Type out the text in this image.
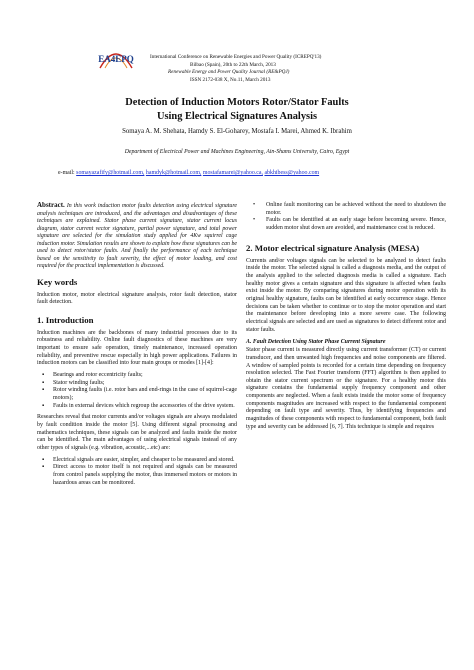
EA4EPQ	International Conference on Renewable Energies and Power Quality (ICREPQ'13)
Bilbao (Spain), 20th to 22th March, 2013
Renewable Energy and Power Quality Journal (RE&PQJ)
ISSN 2172-038 X, No.11, March 2013
Detection of Induction Motors Rotor/Stator Faults
Using Electrical Signatures Analysis
Somaya A. M. Shehata, Hamdy S. El-Goharey, Mostafa I. Marei, Ahmed K. Ibrahim
Department of Electrical Power and Machines Engineering, Ain-Shams University, Cairo, Egypt
e-mail: somayazafify@hotmail.com, hamdyk@hotmail.com, mostafamarei@yahoo.ca, abkhibess@yahoo.com

Abstract. In this work induction motor faults detection using electrical signature analysis techniques are introduced, and the advantages and disadvantages of these techniques are explained. Stator phase current signature, stator current locus diagram, stator current vector signature, partial power signature, and total power signature are selected for the simulation study applied for 4Kw squirrel cage induction motor. Simulation results are shown to explain how these signatures can be used to detect rotor/stator faults. And finally the performance of each technique based on the sensitivity to fault severity, the effect of motor loading, and cost required for the practical implementation is discussed.

Key words

Induction motor, motor electrical signature analysis, rotor fault detection, stator fault detection.

1. Introduction

Induction machines are the backbones of many industrial processes due to its robustness and reliability. Online fault diagnostics of these machines are very important to ensure safe operation, timely maintenance, increased operation reliability, and preventive rescue especially in high power applications. Failures in induction motors can be classified into four main groups or modes [1]-[4]:

▪ Bearings and rotor eccentricity faults;
▪ Stator winding faults;
▪ Rotor winding faults (i.e. rotor bars and end-rings in the case of squirrel-cage motors);
▪ Faults in external devices which regroup the accessories of the drive system.

Researches reveal that motor currents and/or voltages signals are always modulated by fault condition inside the motor [5]. Using different signal processing and mathematics techniques, these signals can be analyzed and faults inside the motor can be identified. The main advantages of using electrical signals instead of any other types of signals (e.g. vibration, acoustic,...etc) are:

▪ Electrical signals are easier, simpler, and cheaper to be measured and stored.
▪ Direct access to motor itself is not required and signals can be measured from control panels supplying the motor, thus immersed motors or motors in hazardous areas can be monitored.
• Online fault monitoring can be achieved without the need to shutdown the motor.
• Faults can be identified at an early stage before becoming severe. Hence, sudden motor shut down are avoided, and maintenance cost is reduced.
2. Motor electrical signature Analysis (MESA)

Currents and/or voltages signals can be selected to be analyzed to detect faults inside the motor. The selected signal is called a diagnosis media, and the output of the analysis applied to the selected diagnosis media is called a signature. Each healthy motor gives a certain signature and this signature is affected when faults exist inside the motor. By comparing signatures during motor operation with its original healthy signature, faults can be identified at early occurrence stage. Hence decisions can be taken whether to continue or to stop the motor operation and start the maintenance before developing into a more severe case. The following electrical signals are selected and are used as signatures to detect different rotor and stator faults.

A. Fault Detection Using Stator Phase Current Signature

Stator phase current is measured directly using current transformer (CT) or current transducer, and then unwanted high frequencies and noise components are filtered. A window of sampled points is recorded for a certain time depending on frequency resolution selected. The Fast Fourier transform (FFT) algorithm is then applied to obtain the stator current spectrum or the signature. For a healthy motor this signature contains the fundamental supply frequency component and other components are neglected. When a fault exists inside the motor some of frequency components magnitudes are increased with respect to the fundamental component depending on fault type and severity. Thus, by identifying frequencies and magnitudes of these components with respect to fundamental component, both fault type and severity can be addressed [6, 7]. This technique is simple and requires
